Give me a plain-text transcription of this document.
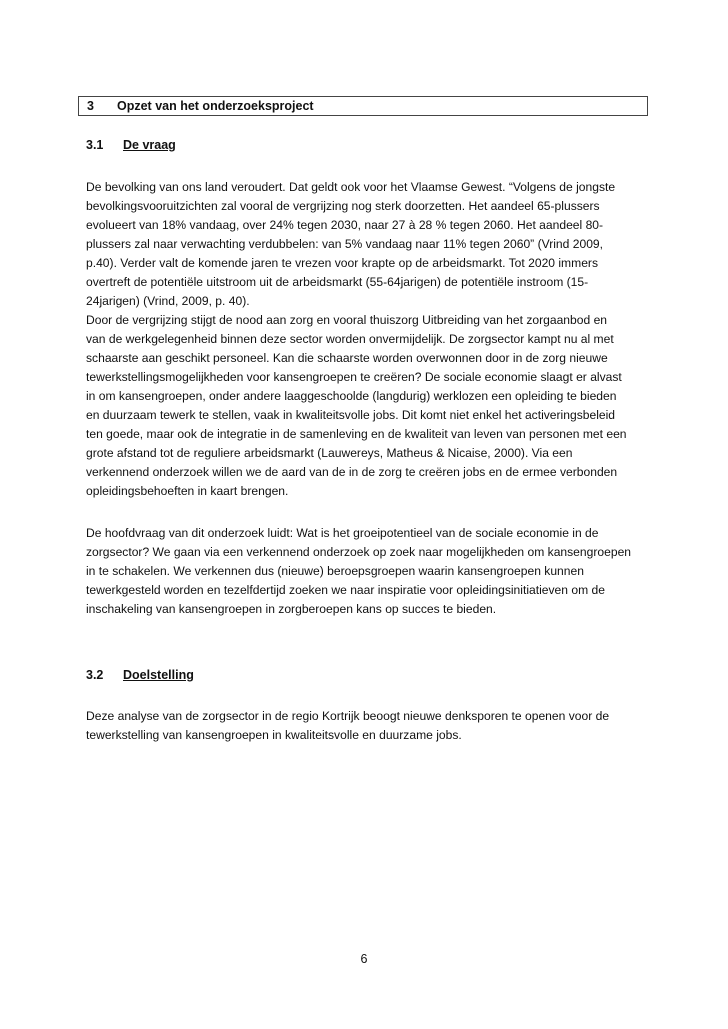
3 Opzet van het onderzoeksproject
3.1 De vraag
De bevolking van ons land veroudert. Dat geldt ook voor het Vlaamse Gewest. “Volgens de jongste
bevolkingsvooruitzichten zal vooral de vergrijzing nog sterk doorzetten. Het aandeel 65-plussers
evolueert van 18% vandaag, over 24% tegen 2030, naar 27 à 28 % tegen 2060. Het aandeel 80-
plussers zal naar verwachting verdubbelen: van 5% vandaag naar 11% tegen 2060” (Vrind 2009,
p.40). Verder valt de komende jaren te vrezen voor krapte op de arbeidsmarkt. Tot 2020 immers
overtreft de potentiële uitstroom uit de arbeidsmarkt (55-64jarigen) de potentiële instroom (15-
24jarigen) (Vrind, 2009, p. 40).
Door de vergrijzing stijgt de nood aan zorg en vooral thuiszorg Uitbreiding van het zorgaanbod en
van de werkgelegenheid binnen deze sector worden onvermijdelijk. De zorgsector kampt nu al met
schaarste aan geschikt personeel. Kan die schaarste worden overwonnen door in de zorg nieuwe
tewerkstellingsmogelijkheden voor kansengroepen te creëren? De sociale economie slaagt er alvast
in om kansengroepen, onder andere laaggeschoolde (langdurig) werklozen een opleiding te bieden
en duurzaam tewerk te stellen, vaak in kwaliteitsvolle jobs. Dit komt niet enkel het activeringsbeleid
ten goede, maar ook de integratie in de samenleving en de kwaliteit van leven van personen met een
grote afstand tot de reguliere arbeidsmarkt (Lauwereys, Matheus & Nicaise, 2000). Via een
verkennend onderzoek willen we de aard van de in de zorg te creëren jobs en de ermee verbonden
opleidingsbehoeften in kaart brengen.
De hoofdvraag van dit onderzoek luidt: Wat is het groeipotentieel van de sociale economie in de
zorgsector? We gaan via een verkennend onderzoek op zoek naar mogelijkheden om kansengroepen
in te schakelen. We verkennen dus (nieuwe) beroepsgroepen waarin kansengroepen kunnen
tewerkgesteld worden en tezelfdertijd zoeken we naar inspiratie voor opleidingsinitiatieven om de
inschakeling van kansengroepen in zorgberoepen kans op succes te bieden.
3.2 Doelstelling
Deze analyse van de zorgsector in de regio Kortrijk beoogt nieuwe denksporen te openen voor de
tewerkstelling van kansengroepen in kwaliteitsvolle en duurzame jobs.
6
